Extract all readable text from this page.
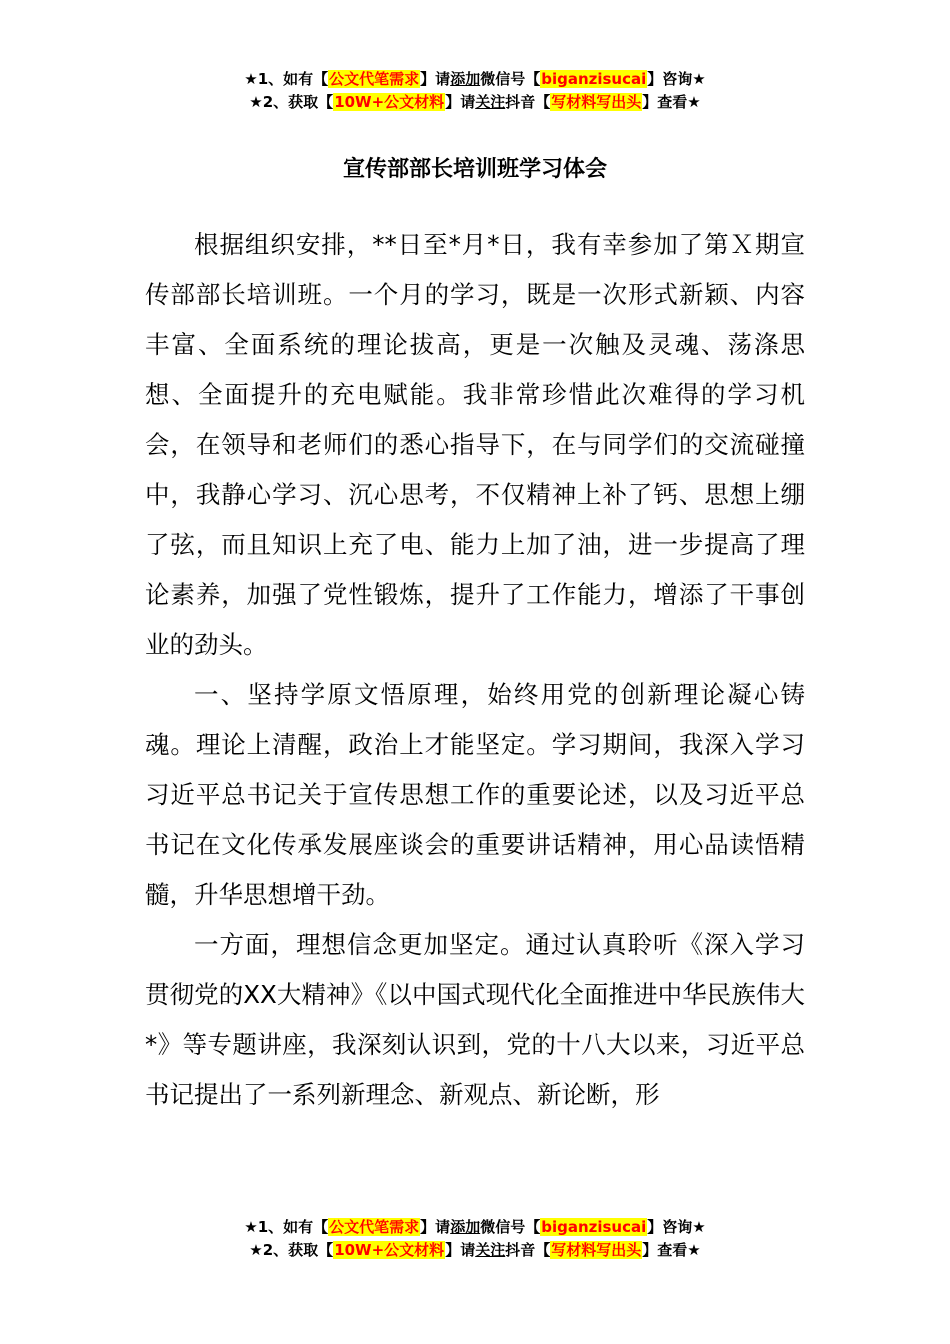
★1、如有【公文代笔需求】请添加微信号【biganzisucai】咨询★
★2、获取【10W+公文材料】请关注抖音【写材料写出头】查看★
宣传部部长培训班学习体会

根据组织安排，**日至*月*日，我有幸参加了第Ｘ期宣传部部长培训班。一个月的学习，既是一次形式新颖、内容丰富、全面系统的理论拔高，更是一次触及灵魂、荡涤思想、全面提升的充电赋能。我非常珍惜此次难得的学习机会，在领导和老师们的悉心指导下，在与同学们的交流碰撞中，我静心学习、沉心思考，不仅精神上补了钙、思想上绷了弦，而且知识上充了电、能力上加了油，进一步提高了理论素养，加强了党性锻炼，提升了工作能力，增添了干事创业的劲头。

一、坚持学原文悟原理，始终用党的创新理论凝心铸魂。理论上清醒，政治上才能坚定。学习期间，我深入学习习近平总书记关于宣传思想工作的重要论述，以及习近平总书记在文化传承发展座谈会的重要讲话精神，用心品读悟精髓，升华思想增干劲。

一方面，理想信念更加坚定。通过认真聆听《深入学习贯彻党的XX大精神》《以中国式现代化全面推进中华民族伟大*》等专题讲座，我深刻认识到，党的十八大以来，习近平总书记提出了一系列新理念、新观点、新论断，形

★1、如有【公文代笔需求】请添加微信号【biganzisucai】咨询★
★2、获取【10W+公文材料】请关注抖音【写材料写出头】查看★
